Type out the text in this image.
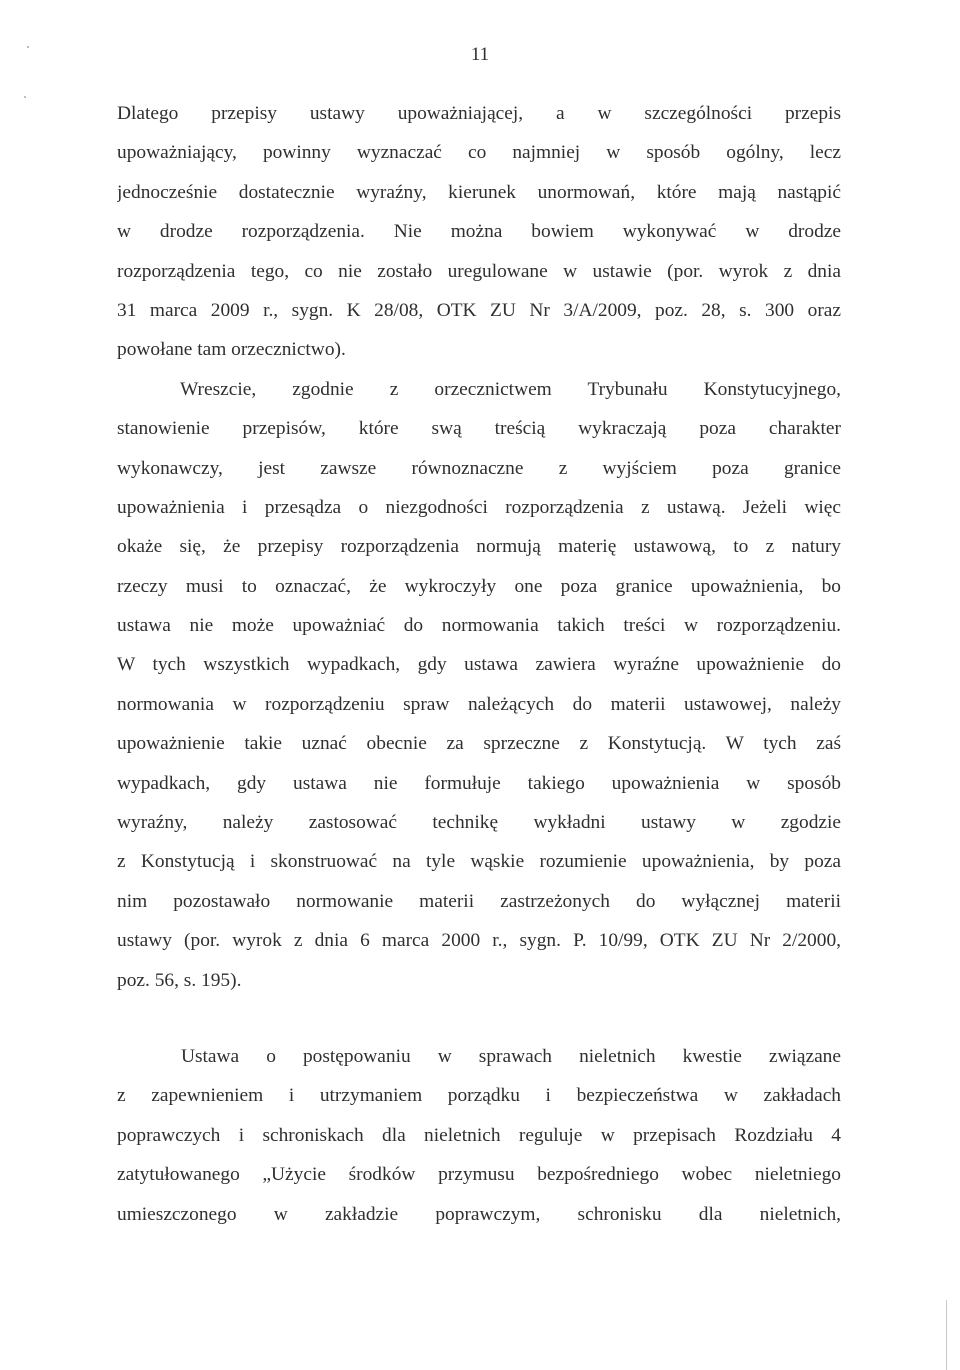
11
Dlatego przepisy ustawy upoważniającej, a w szczególności przepis
upoważniający, powinny wyznaczać co najmniej w sposób ogólny, lecz
jednocześnie dostatecznie wyraźny, kierunek unormowań, które mają nastąpić
w drodze rozporządzenia. Nie można bowiem wykonywać w drodze
rozporządzenia tego, co nie zostało uregulowane w ustawie (por. wyrok z dnia
31 marca 2009 r., sygn. K 28/08, OTK ZU Nr 3/A/2009, poz. 28, s. 300 oraz
powołane tam orzecznictwo).
Wreszcie, zgodnie z orzecznictwem Trybunału Konstytucyjnego,
stanowienie przepisów, które swą treścią wykraczają poza charakter
wykonawczy, jest zawsze równoznaczne z wyjściem poza granice
upoważnienia i przesądza o niezgodności rozporządzenia z ustawą. Jeżeli więc
okaże się, że przepisy rozporządzenia normują materię ustawową, to z natury
rzeczy musi to oznaczać, że wykroczyły one poza granice upoważnienia, bo
ustawa nie może upoważniać do normowania takich treści w rozporządzeniu.
W tych wszystkich wypadkach, gdy ustawa zawiera wyraźne upoważnienie do
normowania w rozporządzeniu spraw należących do materii ustawowej, należy
upoważnienie takie uznać obecnie za sprzeczne z Konstytucją. W tych zaś
wypadkach, gdy ustawa nie formułuje takiego upoważnienia w sposób
wyraźny, należy zastosować technikę wykładni ustawy w zgodzie
z Konstytucją i skonstruować na tyle wąskie rozumienie upoważnienia, by poza
nim pozostawało normowanie materii zastrzeżonych do wyłącznej materii
ustawy (por. wyrok z dnia 6 marca 2000 r., sygn. P. 10/99, OTK ZU Nr 2/2000,
poz. 56, s. 195).
Ustawa o postępowaniu w sprawach nieletnich kwestie związane
z zapewnieniem i utrzymaniem porządku i bezpieczeństwa w zakładach
poprawczych i schroniskach dla nieletnich reguluje w przepisach Rozdziału 4
zatytułowanego „Użycie środków przymusu bezpośredniego wobec nieletniego
umieszczonego w zakładzie poprawczym, schronisku dla nieletnich,
